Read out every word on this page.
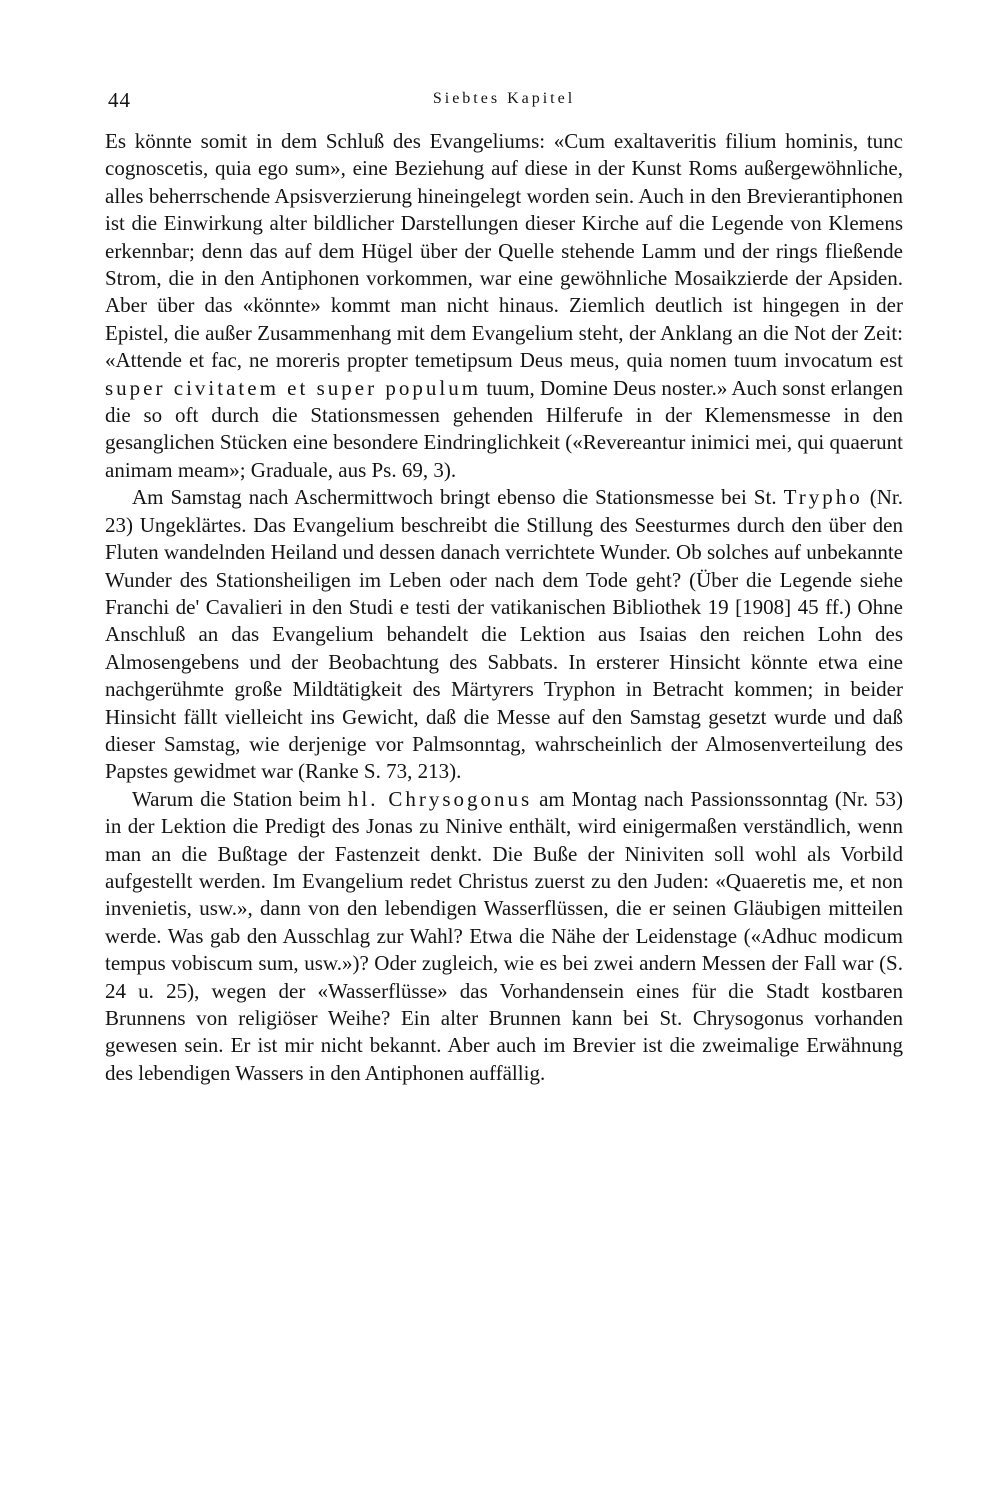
44	Siebtes Kapitel

Es könnte somit in dem Schluß des Evangeliums: «Cum exaltaveritis filium hominis, tunc cognoscetis, quia ego sum», eine Beziehung auf diese in der Kunst Roms außergewöhnliche, alles beherrschende Apsisverzierung hineingelegt worden sein. Auch in den Brevierantiphonen ist die Einwirkung alter bildlicher Darstellungen dieser Kirche auf die Legende von Klemens erkennbar; denn das auf dem Hügel über der Quelle stehende Lamm und der rings fließende Strom, die in den Antiphonen vorkommen, war eine gewöhnliche Mosaikzierde der Apsiden. Aber über das «könnte» kommt man nicht hinaus. Ziemlich deutlich ist hingegen in der Epistel, die außer Zusammenhang mit dem Evangelium steht, der Anklang an die Not der Zeit: «Attende et fac, ne moreris propter temetipsum Deus meus, quia nomen tuum invocatum est super civitatem et super populum tuum, Domine Deus noster.» Auch sonst erlangen die so oft durch die Stationsmessen gehenden Hilferufe in der Klemensmesse in den gesanglichen Stücken eine besondere Eindringlichkeit («Revereantur inimici mei, qui quaerunt animam meam»; Graduale, aus Ps. 69, 3).

Am Samstag nach Aschermittwoch bringt ebenso die Stationsmesse bei St. Trypho (Nr. 23) Ungeklärtes. Das Evangelium beschreibt die Stillung des Seesturmes durch den über den Fluten wandelnden Heiland und dessen danach verrichtete Wunder. Ob solches auf unbekannte Wunder des Stationsheiligen im Leben oder nach dem Tode geht? (Über die Legende siehe Franchi de' Cavalieri in den Studi e testi der vatikanischen Bibliothek 19 [1908] 45 ff.) Ohne Anschluß an das Evangelium behandelt die Lektion aus Isaias den reichen Lohn des Almosengebens und der Beobachtung des Sabbats. In ersterer Hinsicht könnte etwa eine nachgerühmte große Mildtätigkeit des Märtyrers Tryphon in Betracht kommen; in beider Hinsicht fällt vielleicht ins Gewicht, daß die Messe auf den Samstag gesetzt wurde und daß dieser Samstag, wie derjenige vor Palmsonntag, wahrscheinlich der Almosenverteilung des Papstes gewidmet war (Ranke S. 73, 213).

Warum die Station beim hl. Chrysogonus am Montag nach Passionssonntag (Nr. 53) in der Lektion die Predigt des Jonas zu Ninive enthält, wird einigermaßen verständlich, wenn man an die Bußtage der Fastenzeit denkt. Die Buße der Niniviten soll wohl als Vorbild aufgestellt werden. Im Evangelium redet Christus zuerst zu den Juden: «Quaeretis me, et non invenietis, usw.», dann von den lebendigen Wasserflüssen, die er seinen Gläubigen mitteilen werde. Was gab den Ausschlag zur Wahl? Etwa die Nähe der Leidenstage («Adhuc modicum tempus vobiscum sum, usw.»)? Oder zugleich, wie es bei zwei andern Messen der Fall war (S. 24 u. 25), wegen der «Wasserflüsse» das Vorhandensein eines für die Stadt kostbaren Brunnens von religiöser Weihe? Ein alter Brunnen kann bei St. Chrysogonus vorhanden gewesen sein. Er ist mir nicht bekannt. Aber auch im Brevier ist die zweimalige Erwähnung des lebendigen Wassers in den Antiphonen auffällig.
